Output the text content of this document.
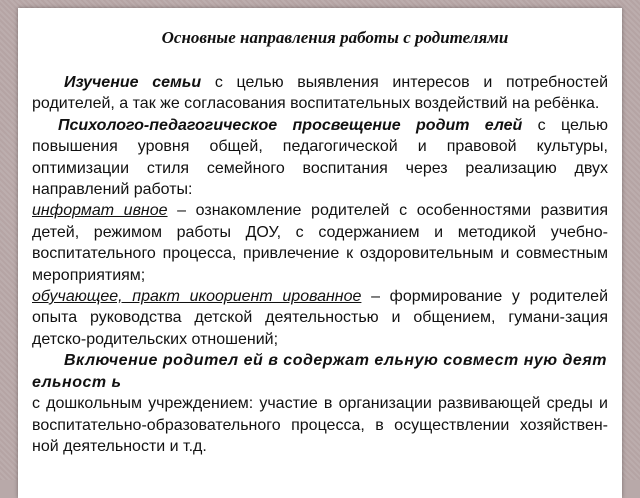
Основные направления работы с родителями

Изучение семьи с целью выявления интересов и потребностей родителей, а так же согласования воспитательных воздействий на ребёнка.

Психолого-педагогическое просвещение родит елей с целью повышения уровня общей, педагогической и правовой культуры, оптимизации стиля семейного воспитания через реализацию двух направлений работы:

информат ивное – ознакомление родителей с особенностями развития детей, режимом работы ДОУ, с содержанием и методикой учебно-воспитательного процесса, привлечение к оздоровительным и совместным мероприятиям;

обучающее, практ икоориент ированное – формирование у родителей опыта руководства детской деятельностью и общением, гумани-зация детско-родительских отношений;

Включение родител ей в содержат ельную совмест ную деят ельност ь

с дошкольным учреждением: участие в организации развивающей среды и воспитательно-образовательного процесса, в осуществлении хозяйствен-ной деятельности и т.д.
